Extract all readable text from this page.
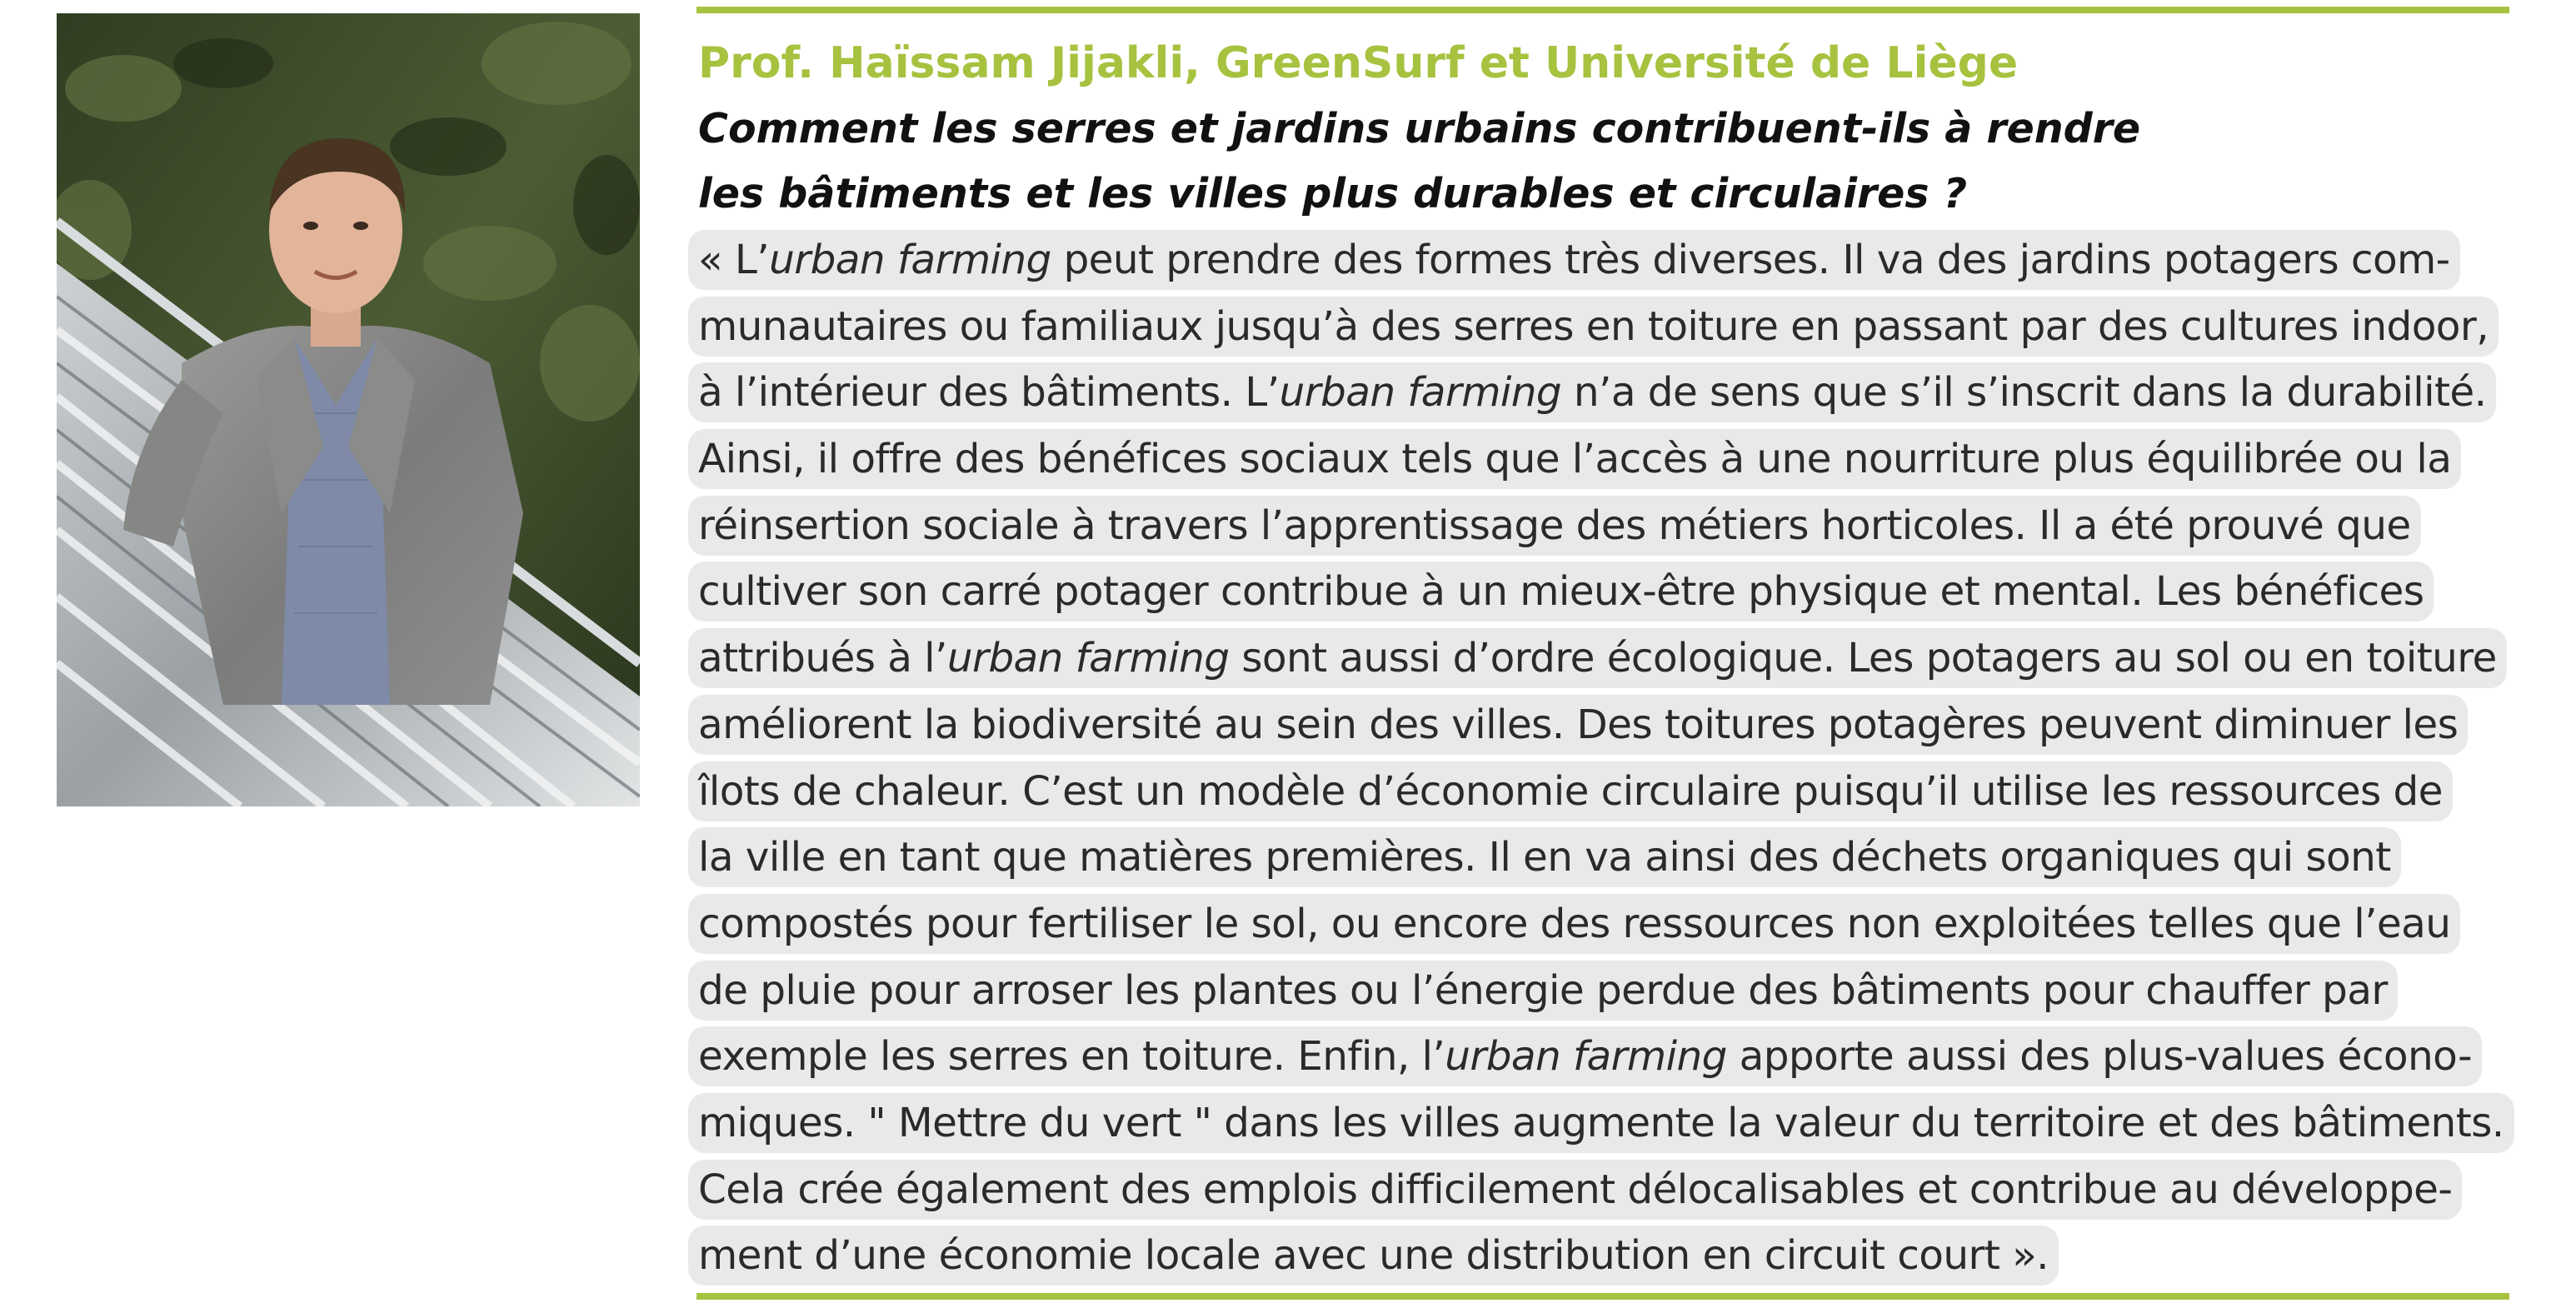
Prof. Haïssam Jijakli, GreenSurf et Université de Liège
Comment les serres et jardins urbains contribuent-ils à rendre
les bâtiments et les villes plus durables et circulaires ?
« L’urban farming peut prendre des formes très diverses. Il va des jardins potagers com-
munautaires ou familiaux jusqu’à des serres en toiture en passant par des cultures indoor,
à l’intérieur des bâtiments. L’urban farming n’a de sens que s’il s’inscrit dans la durabilité.
Ainsi, il offre des bénéfices sociaux tels que l’accès à une nourriture plus équilibrée ou la
réinsertion sociale à travers l’apprentissage des métiers horticoles. Il a été prouvé que
cultiver son carré potager contribue à un mieux-être physique et mental. Les bénéfices
attribués à l’urban farming sont aussi d’ordre écologique. Les potagers au sol ou en toiture
améliorent la biodiversité au sein des villes. Des toitures potagères peuvent diminuer les
îlots de chaleur. C’est un modèle d’économie circulaire puisqu’il utilise les ressources de
la ville en tant que matières premières. Il en va ainsi des déchets organiques qui sont
compostés pour fertiliser le sol, ou encore des ressources non exploitées telles que l’eau
de pluie pour arroser les plantes ou l’énergie perdue des bâtiments pour chauffer par
exemple les serres en toiture. Enfin, l’urban farming apporte aussi des plus-values écono-
miques. " Mettre du vert " dans les villes augmente la valeur du territoire et des bâtiments.
Cela crée également des emplois difficilement délocalisables et contribue au développe-
ment d’une économie locale avec une distribution en circuit court ».
